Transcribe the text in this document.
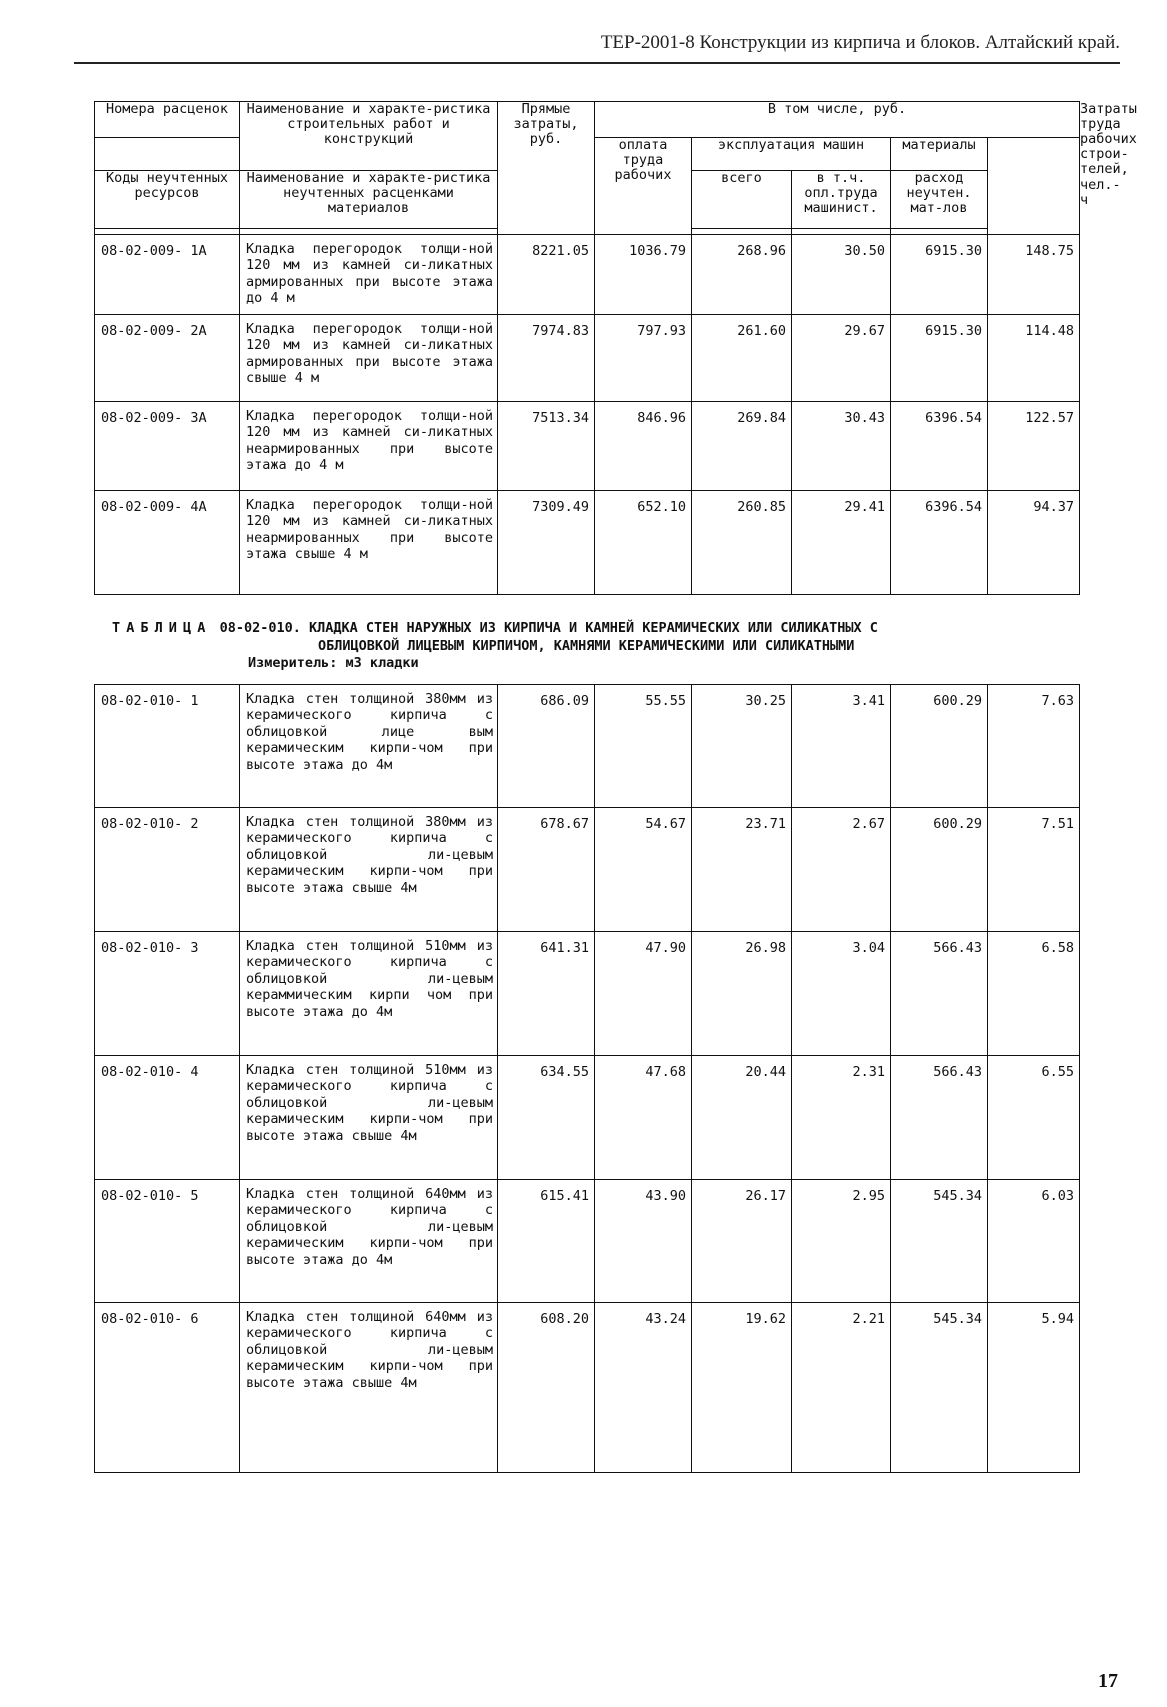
ТЕР-2001-8 Конструкции из кирпича и блоков. Алтайский край.
Номера расценок	Наименование и характе-ристика строительных работ и конструкций	Прямые затраты, руб.	В том числе, руб.					Затраты труда рабочих строи-телей, чел.-ч
			оплата труда рабочих	эксплуатация машин		материалы		
Коды неучтенных ресурсов	Наименование и характе-ристика неучтенных расценками материалов			всего	в т.ч. опл.труда машинист.	расход неучтен. мат-лов		

08-02-009- 1А	Кладка перегородок толщи-ной 120 мм из камней си-ликатных армированных при высоте этажа до 4 м	8221.05	1036.79	268.96	30.50	6915.30	148.75	
08-02-009- 2А	Кладка перегородок толщи-ной 120 мм из камней си-ликатных армированных при высоте этажа свыше 4 м	7974.83	797.93	261.60	29.67	6915.30	114.48	
08-02-009- 3А	Кладка перегородок толщи-ной 120 мм из камней си-ликатных неармированных при высоте этажа до 4 м	7513.34	846.96	269.84	30.43	6396.54	122.57	
08-02-009- 4А	Кладка перегородок толщи-ной 120 мм из камней си-ликатных неармированных при высоте этажа свыше 4 м	7309.49	652.10	260.85	29.41	6396.54	94.37	
ТАБЛИЦА 08-02-010. КЛАДКА СТЕН НАРУЖНЫХ ИЗ КИРПИЧА И КАМНЕЙ КЕРАМИЧЕСКИХ ИЛИ СИЛИКАТНЫХ С
ОБЛИЦОВКОЙ ЛИЦЕВЫМ КИРПИЧОМ, КАМНЯМИ КЕРАМИЧЕСКИМИ ИЛИ СИЛИКАТНЫМИ
Измеритель: м3 кладки
08-02-010- 1	Кладка стен толщиной 380мм из керамического кирпича с облицовкой лице вым керамическим кирпи-чом при высоте этажа до 4м	686.09	55.55	30.25	3.41	600.29	7.63
08-02-010- 2	Кладка стен толщиной 380мм из керамического кирпича с облицовкой ли-цевым керамическим кирпи-чом при высоте этажа свыше 4м	678.67	54.67	23.71	2.67	600.29	7.51
08-02-010- 3	Кладка стен толщиной 510мм из керамического кирпича с облицовкой ли-цевым кераммическим кирпи чом при высоте этажа до 4м	641.31	47.90	26.98	3.04	566.43	6.58
08-02-010- 4	Кладка стен толщиной 510мм из керамического кирпича с облицовкой ли-цевым керамическим кирпи-чом при высоте этажа свыше 4м	634.55	47.68	20.44	2.31	566.43	6.55
08-02-010- 5	Кладка стен толщиной 640мм из керамического кирпича с облицовкой ли-цевым керамическим кирпи-чом при высоте этажа до 4м	615.41	43.90	26.17	2.95	545.34	6.03
08-02-010- 6	Кладка стен толщиной 640мм из керамического кирпича с облицовкой ли-цевым керамическим кирпи-чом при высоте этажа свыше 4м	608.20	43.24	19.62	2.21	545.34	5.94
17
